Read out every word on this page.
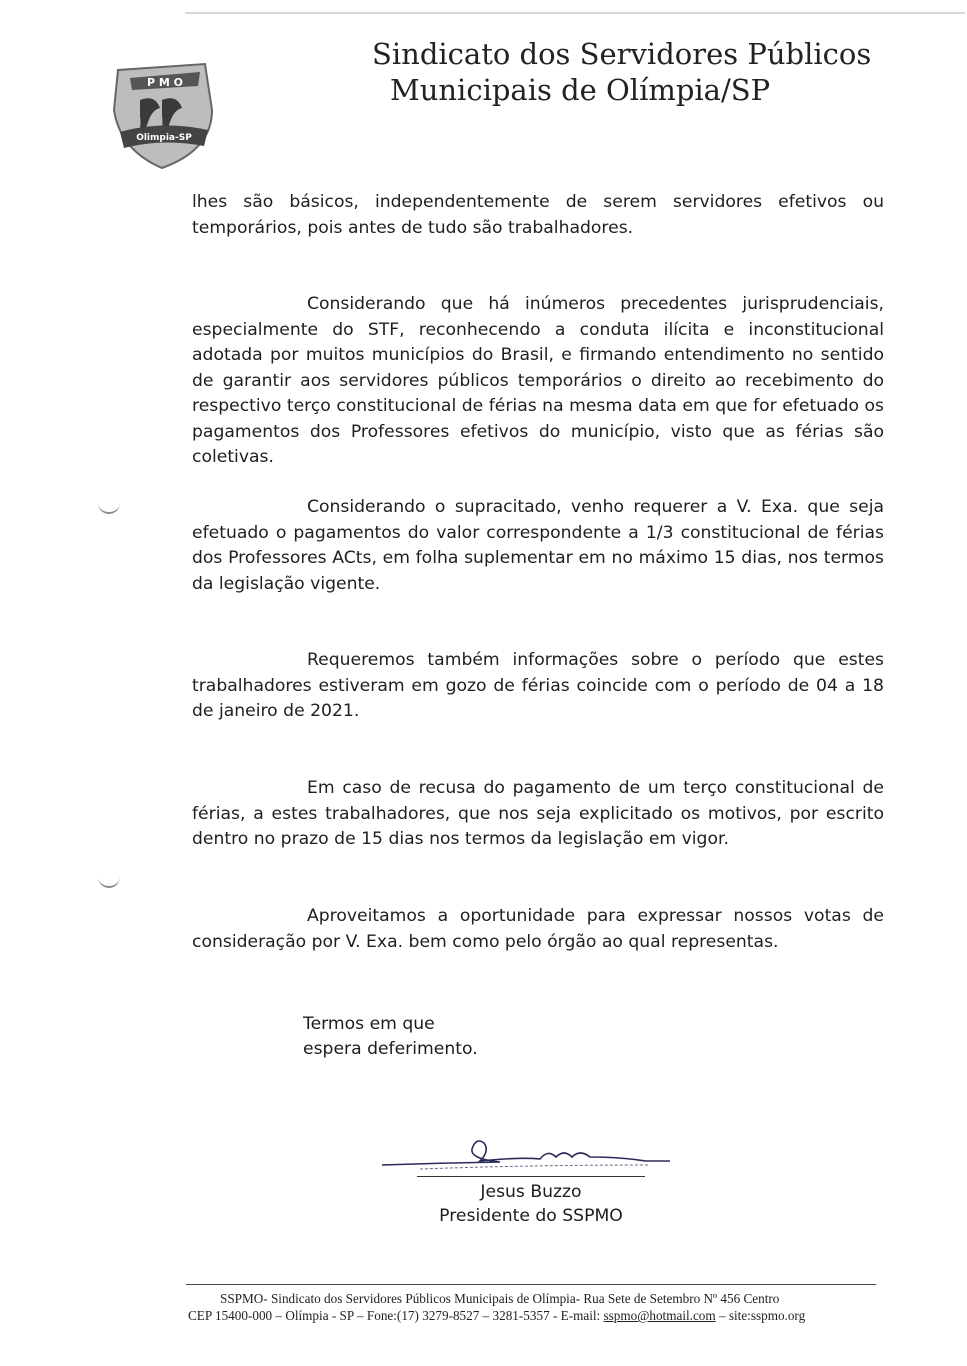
P M O
Olimpia-SP
Sindicato dos Servidores Públicos
Municipais de Olímpia/SP

lhes são básicos, independentemente de serem servidores efetivos ou temporários, pois antes de tudo são trabalhadores.

Considerando que há inúmeros precedentes jurisprudenciais, especialmente do STF, reconhecendo a conduta ilícita e inconstitucional adotada por muitos municípios do Brasil, e firmando entendimento no sentido de garantir aos servidores públicos temporários o direito ao recebimento do respectivo terço constitucional de férias na mesma data em que for efetuado os pagamentos dos Professores efetivos do município, visto que as férias são coletivas.

Considerando o supracitado, venho requerer a V. Exa. que seja efetuado o pagamentos do valor correspondente a 1/3 constitucional de férias dos Professores ACts, em folha suplementar em no máximo 15 dias, nos termos da legislação vigente.

Requeremos também informações sobre o período que estes trabalhadores estiveram em gozo de férias coincide com o período de 04 a 18 de janeiro de 2021.

Em caso de recusa do pagamento de um terço constitucional de férias, a estes trabalhadores, que nos seja explicitado os motivos, por escrito dentro no prazo de 15 dias nos termos da legislação em vigor.

Aproveitamos a oportunidade para expressar nossos votas de consideração por V. Exa. bem como pelo órgão ao qual representas.

Termos em que
espera deferimento.
Jesus Buzzo
Presidente do SSPMO
SSPMO- Sindicato dos Servidores Públicos Municipais de Olímpia- Rua Sete de Setembro Nº 456 Centro
CEP 15400-000 – Olímpia - SP – Fone:(17) 3279-8527 – 3281-5357 - E-mail: sspmo@hotmail.com – site:sspmo.org
